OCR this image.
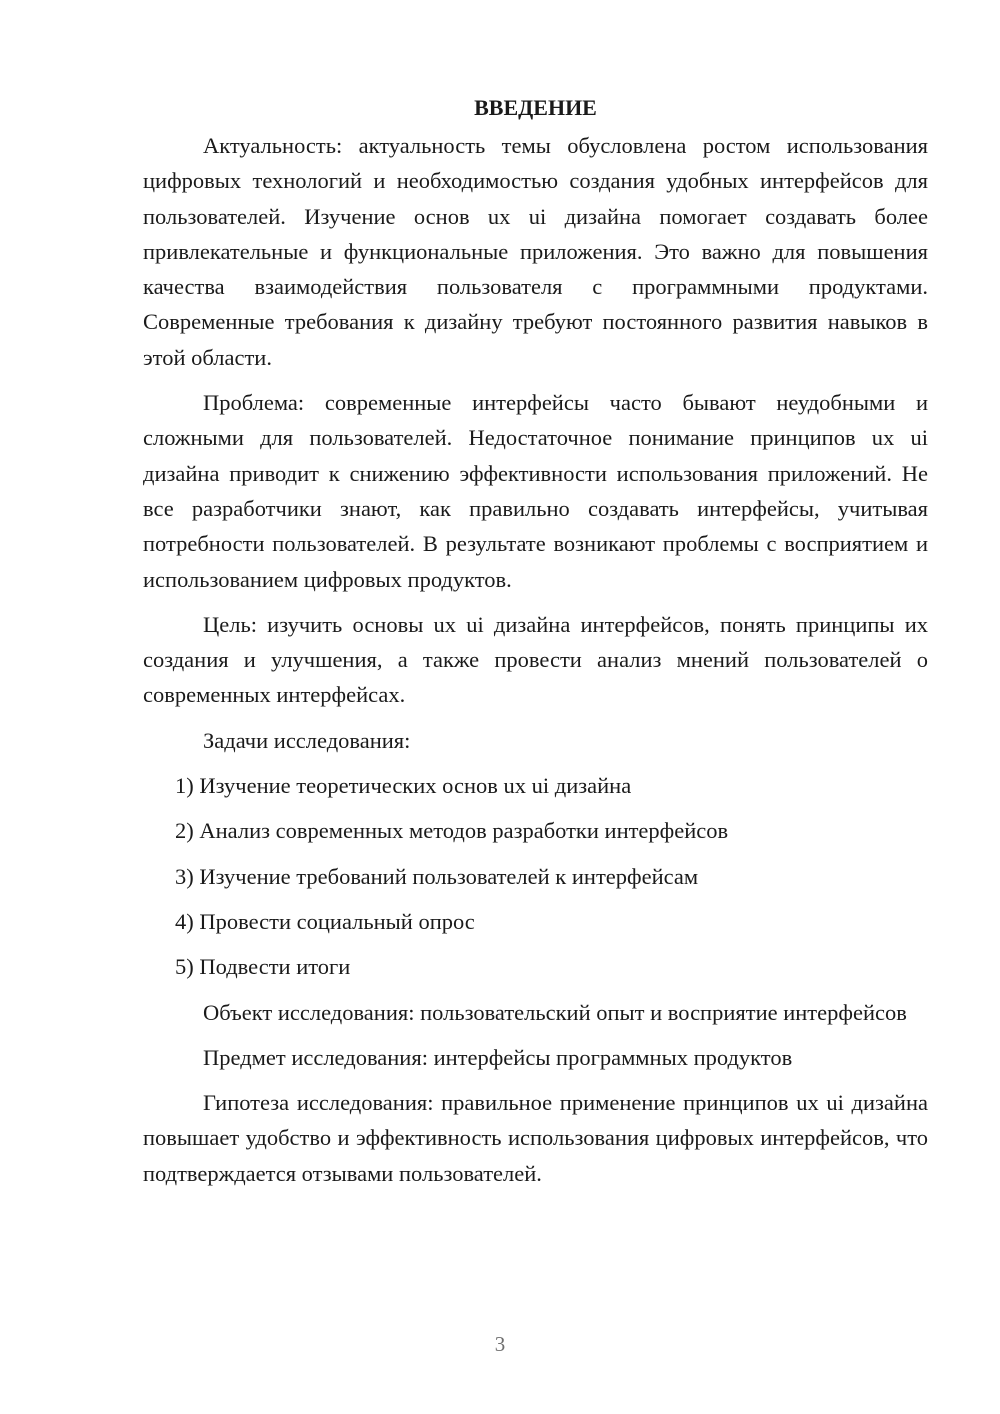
ВВЕДЕНИЕ

Актуальность: актуальность темы обусловлена ростом использования цифровых технологий и необходимостью создания удобных интерфейсов для пользователей. Изучение основ ux ui дизайна помогает создавать более привлекательные и функциональные приложения. Это важно для повышения качества взаимодействия пользователя с программными продуктами. Современные требования к дизайну требуют постоянного развития навыков в этой области.

Проблема: современные интерфейсы часто бывают неудобными и сложными для пользователей. Недостаточное понимание принципов ux ui дизайна приводит к снижению эффективности использования приложений. Не все разработчики знают, как правильно создавать интерфейсы, учитывая потребности пользователей. В результате возникают проблемы с восприятием и использованием цифровых продуктов.

Цель: изучить основы ux ui дизайна интерфейсов, понять принципы их создания и улучшения, а также провести анализ мнений пользователей о современных интерфейсах.

Задачи исследования:

1) Изучение теоретических основ ux ui дизайна
2) Анализ современных методов разработки интерфейсов
3) Изучение требований пользователей к интерфейсам
4) Провести социальный опрос
5) Подвести итоги

Объект исследования: пользовательский опыт и восприятие интерфейсов

Предмет исследования: интерфейсы программных продуктов

Гипотеза исследования: правильное применение принципов ux ui дизайна повышает удобство и эффективность использования цифровых интерфейсов, что подтверждается отзывами пользователей.

3
